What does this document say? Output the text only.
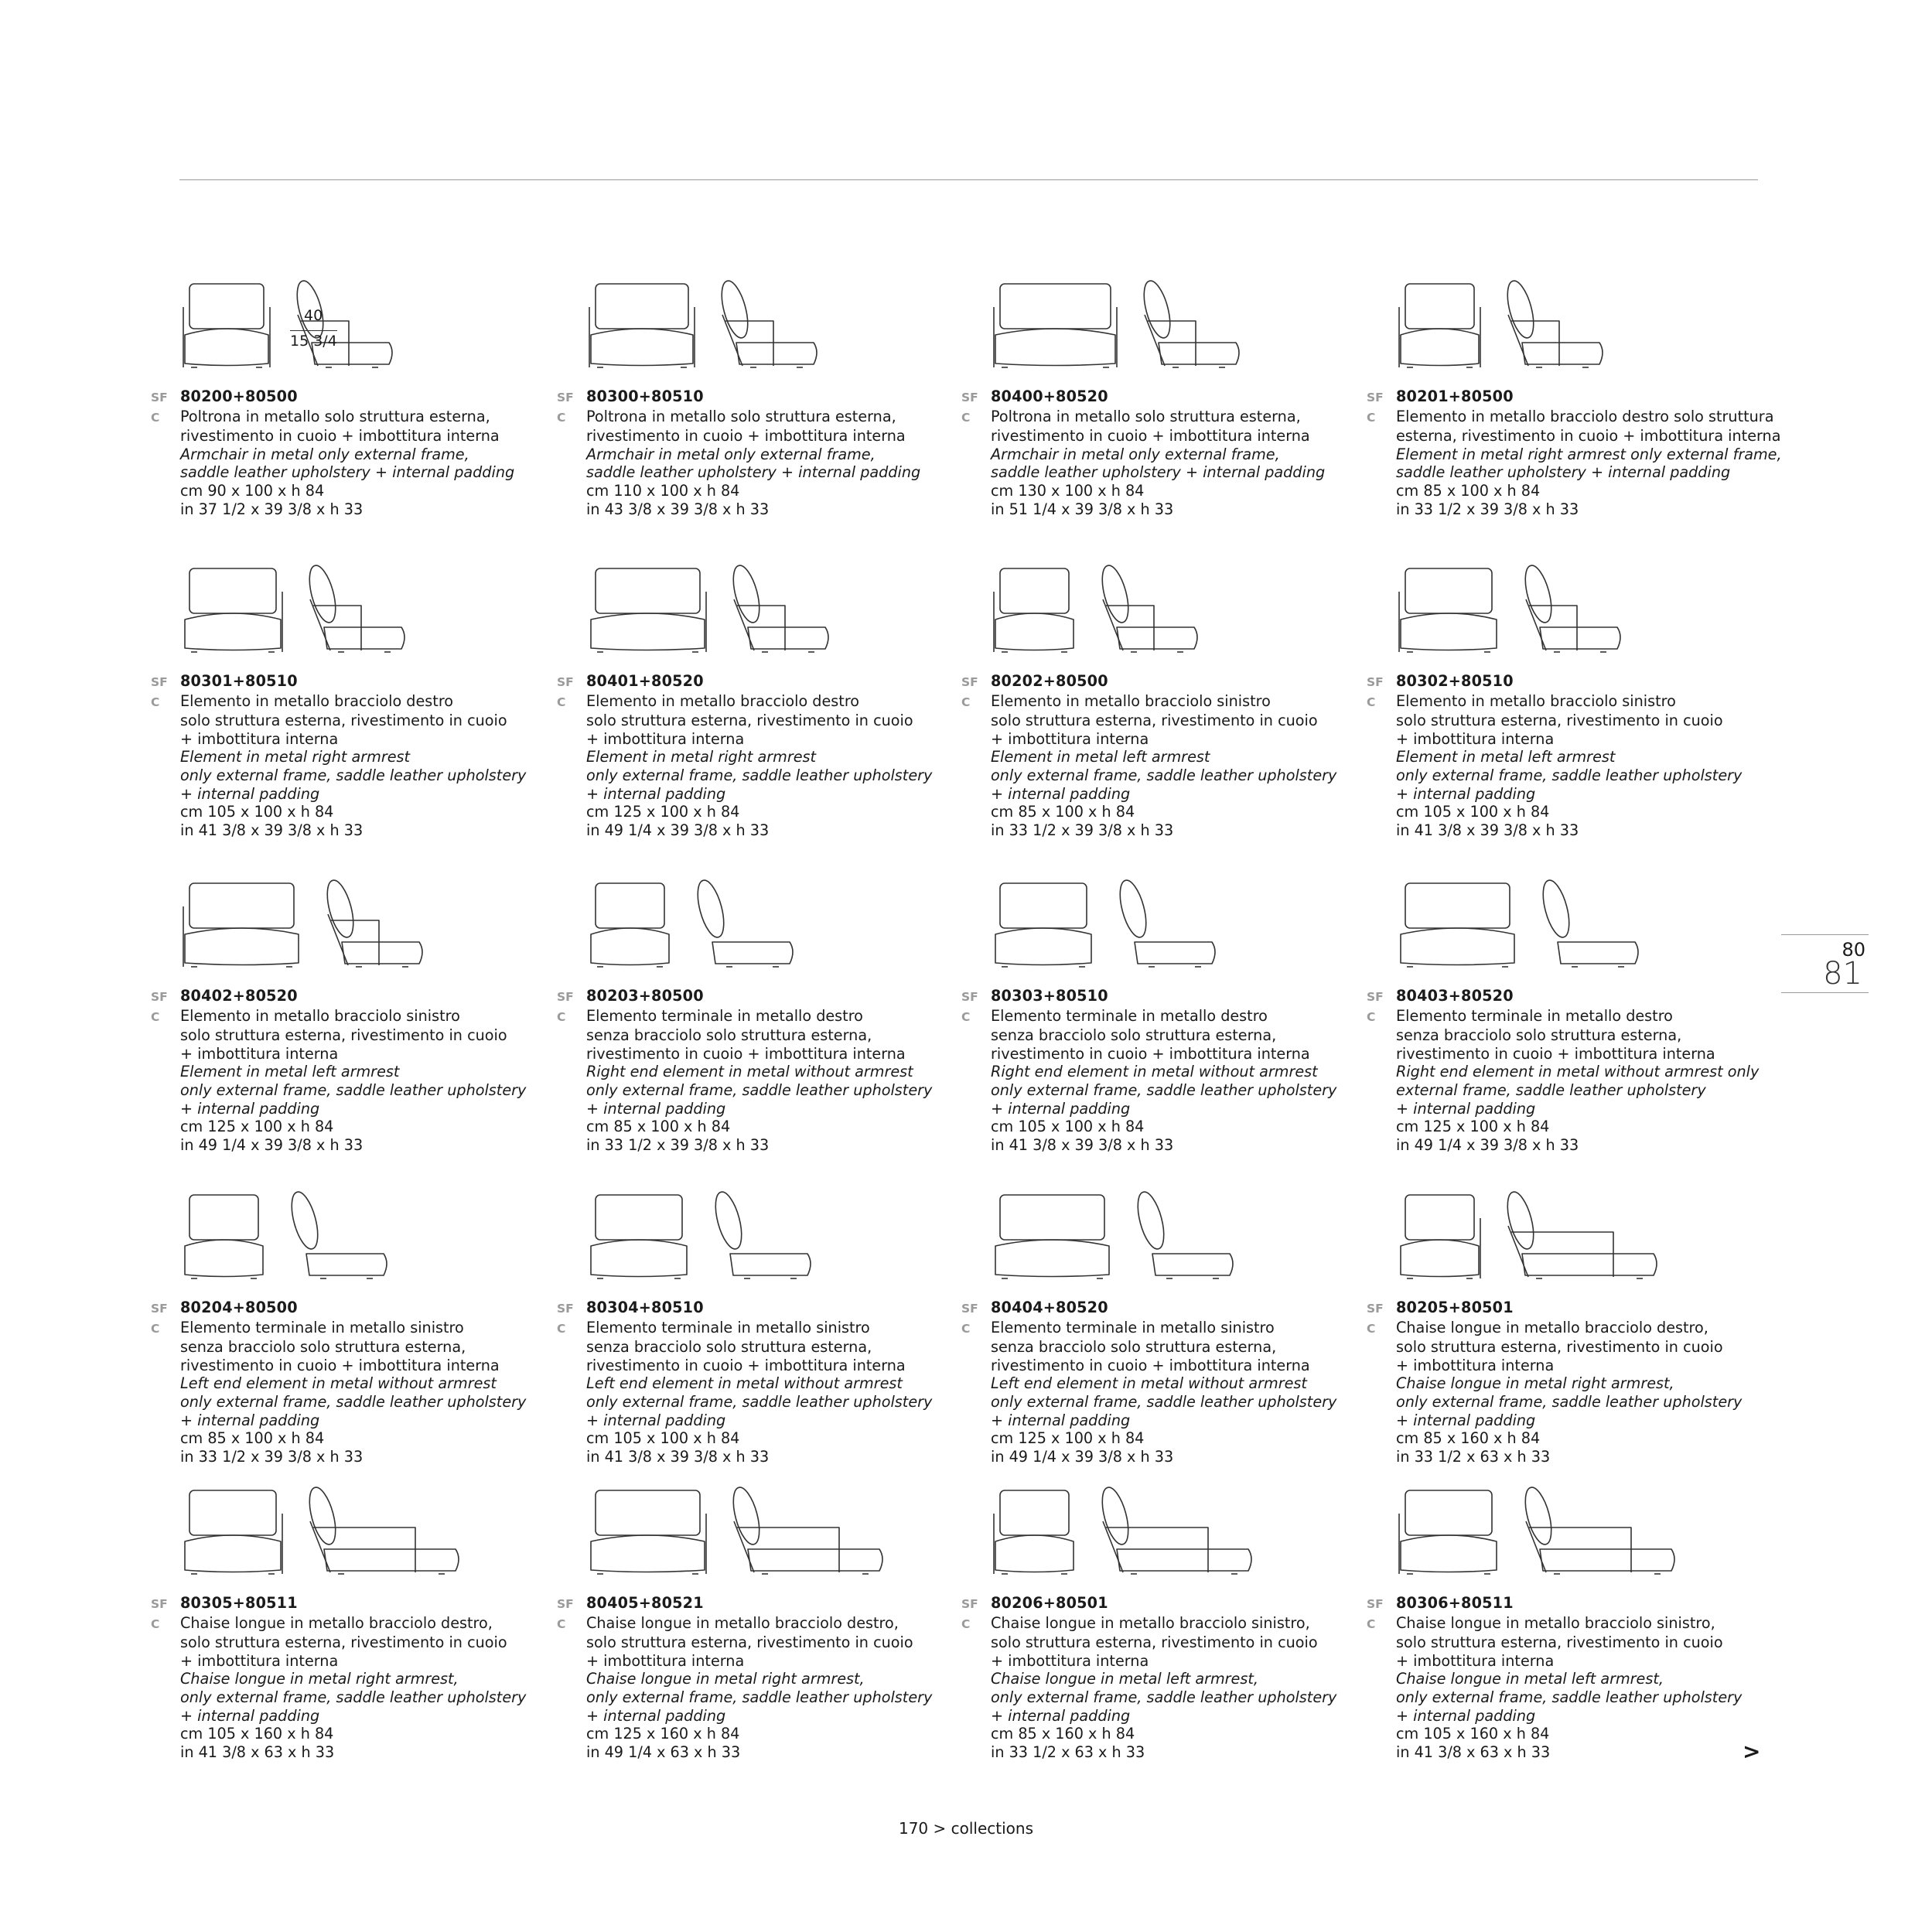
40
15 3/4
SF 80200+80500
C	Poltrona in metallo solo struttura esterna,
rivestimento in cuoio + imbottitura interna
Armchair in metal only external frame,
saddle leather upholstery + internal padding
cm 90 x 100 x h 84
in 37 1/2 x 39 3/8 x h 33
SF 80300+80510
C	Poltrona in metallo solo struttura esterna,
rivestimento in cuoio + imbottitura interna
Armchair in metal only external frame,
saddle leather upholstery + internal padding
cm 110 x 100 x h 84
in 43 3/8 x 39 3/8 x h 33
SF 80400+80520
C	Poltrona in metallo solo struttura esterna,
rivestimento in cuoio + imbottitura interna
Armchair in metal only external frame,
saddle leather upholstery + internal padding
cm 130 x 100 x h 84
in 51 1/4 x 39 3/8 x h 33
SF 80201+80500
C	Elemento in metallo bracciolo destro solo struttura
esterna, rivestimento in cuoio + imbottitura interna
Element in metal right armrest only external frame,
saddle leather upholstery + internal padding
cm 85 x 100 x h 84
in 33 1/2 x 39 3/8 x h 33
SF 80301+80510
C	Elemento in metallo bracciolo destro
solo struttura esterna, rivestimento in cuoio
+ imbottitura interna
Element in metal right armrest
only external frame, saddle leather upholstery
+ internal padding
cm 105 x 100 x h 84
in 41 3/8 x 39 3/8 x h 33
SF 80401+80520
C	Elemento in metallo bracciolo destro
solo struttura esterna, rivestimento in cuoio
+ imbottitura interna
Element in metal right armrest
only external frame, saddle leather upholstery
+ internal padding
cm 125 x 100 x h 84
in 49 1/4 x 39 3/8 x h 33
SF 80202+80500
C	Elemento in metallo bracciolo sinistro
solo struttura esterna, rivestimento in cuoio
+ imbottitura interna
Element in metal left armrest
only external frame, saddle leather upholstery
+ internal padding
cm 85 x 100 x h 84
in 33 1/2 x 39 3/8 x h 33
SF 80302+80510
C	Elemento in metallo bracciolo sinistro
solo struttura esterna, rivestimento in cuoio
+ imbottitura interna
Element in metal left armrest
only external frame, saddle leather upholstery
+ internal padding
cm 105 x 100 x h 84
in 41 3/8 x 39 3/8 x h 33
SF 80402+80520
C	Elemento in metallo bracciolo sinistro
solo struttura esterna, rivestimento in cuoio
+ imbottitura interna
Element in metal left armrest
only external frame, saddle leather upholstery
+ internal padding
cm 125 x 100 x h 84
in 49 1/4 x 39 3/8 x h 33
SF 80203+80500
C	Elemento terminale in metallo destro
senza bracciolo solo struttura esterna,
rivestimento in cuoio + imbottitura interna
Right end element in metal without armrest
only external frame, saddle leather upholstery
+ internal padding
cm 85 x 100 x h 84
in 33 1/2 x 39 3/8 x h 33
SF 80303+80510
C	Elemento terminale in metallo destro
senza bracciolo solo struttura esterna,
rivestimento in cuoio + imbottitura interna
Right end element in metal without armrest
only external frame, saddle leather upholstery
+ internal padding
cm 105 x 100 x h 84
in 41 3/8 x 39 3/8 x h 33
SF 80403+80520
C	Elemento terminale in metallo destro
senza bracciolo solo struttura esterna,
rivestimento in cuoio + imbottitura interna
Right end element in metal without armrest only
external frame, saddle leather upholstery
+ internal padding
cm 125 x 100 x h 84
in 49 1/4 x 39 3/8 x h 33
SF 80204+80500
C	Elemento terminale in metallo sinistro
senza bracciolo solo struttura esterna,
rivestimento in cuoio + imbottitura interna
Left end element in metal without armrest
only external frame, saddle leather upholstery
+ internal padding
cm 85 x 100 x h 84
in 33 1/2 x 39 3/8 x h 33
SF 80304+80510
C	Elemento terminale in metallo sinistro
senza bracciolo solo struttura esterna,
rivestimento in cuoio + imbottitura interna
Left end element in metal without armrest
only external frame, saddle leather upholstery
+ internal padding
cm 105 x 100 x h 84
in 41 3/8 x 39 3/8 x h 33
SF 80404+80520
C	Elemento terminale in metallo sinistro
senza bracciolo solo struttura esterna,
rivestimento in cuoio + imbottitura interna
Left end element in metal without armrest
only external frame, saddle leather upholstery
+ internal padding
cm 125 x 100 x h 84
in 49 1/4 x 39 3/8 x h 33
SF 80205+80501
C	Chaise longue in metallo bracciolo destro,
solo struttura esterna, rivestimento in cuoio
+ imbottitura interna
Chaise longue in metal right armrest,
only external frame, saddle leather upholstery
+ internal padding
cm 85 x 160 x h 84
in 33 1/2 x 63 x h 33
SF 80305+80511
C	Chaise longue in metallo bracciolo destro,
solo struttura esterna, rivestimento in cuoio
+ imbottitura interna
Chaise longue in metal right armrest,
only external frame, saddle leather upholstery
+ internal padding
cm 105 x 160 x h 84
in 41 3/8 x 63 x h 33
SF 80405+80521
C	Chaise longue in metallo bracciolo destro,
solo struttura esterna, rivestimento in cuoio
+ imbottitura interna
Chaise longue in metal right armrest,
only external frame, saddle leather upholstery
+ internal padding
cm 125 x 160 x h 84
in 49 1/4 x 63 x h 33
SF 80206+80501
C	Chaise longue in metallo bracciolo sinistro,
solo struttura esterna, rivestimento in cuoio
+ imbottitura interna
Chaise longue in metal left armrest,
only external frame, saddle leather upholstery
+ internal padding
cm 85 x 160 x h 84
in 33 1/2 x 63 x h 33
SF 80306+80511
C	Chaise longue in metallo bracciolo sinistro,
solo struttura esterna, rivestimento in cuoio
+ imbottitura interna
Chaise longue in metal left armrest,
only external frame, saddle leather upholstery
+ internal padding
cm 105 x 160 x h 84
in 41 3/8 x 63 x h 33
80
81
>
170 > collections
